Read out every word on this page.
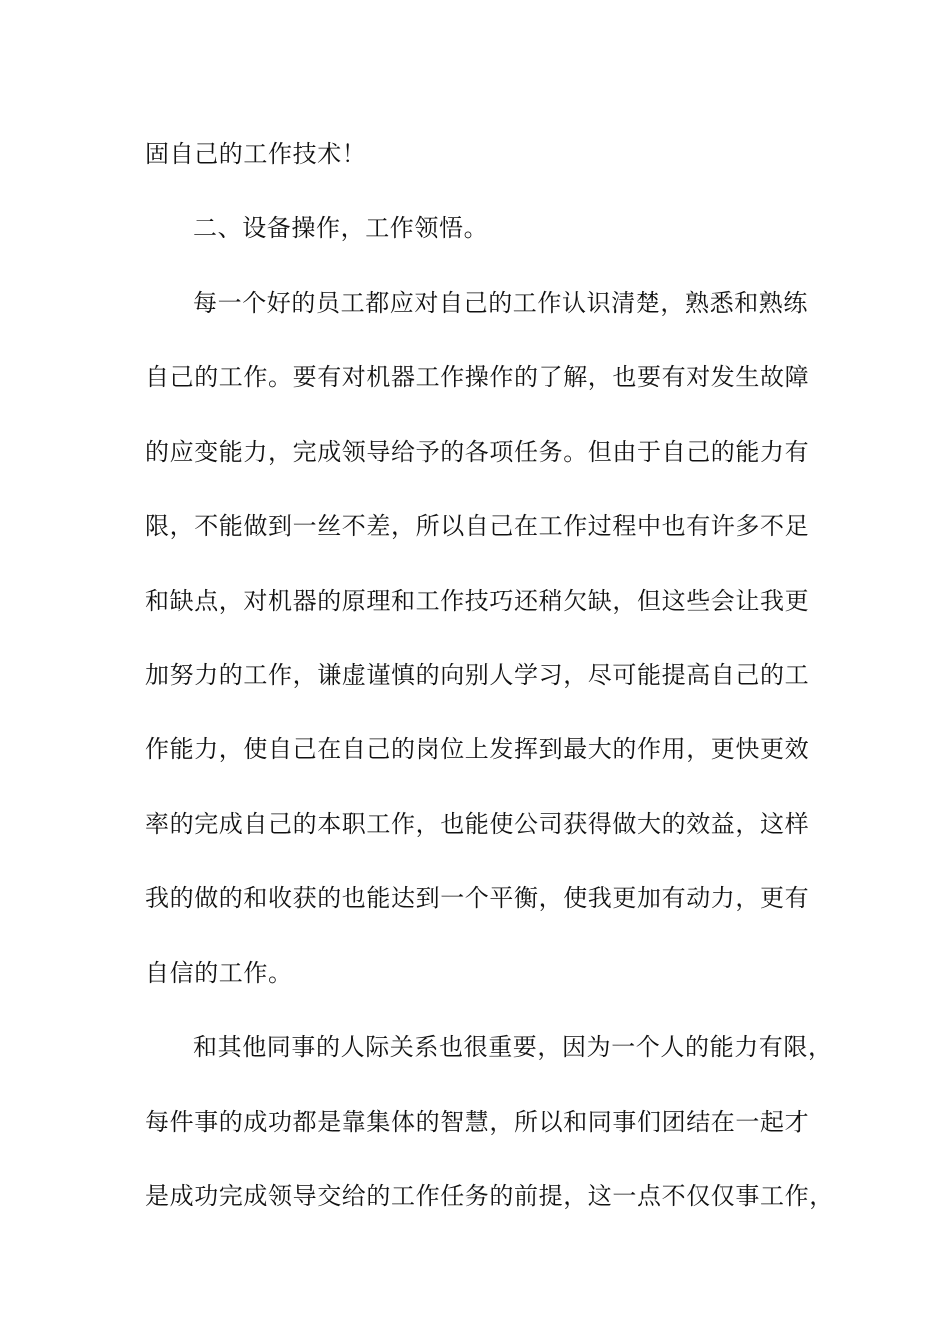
固自己的工作技术！

二、设备操作，工作领悟。

每一个好的员工都应对自己的工作认识清楚，熟悉和熟练

自己的工作。要有对机器工作操作的了解，也要有对发生故障

的应变能力，完成领导给予的各项任务。但由于自己的能力有

限，不能做到一丝不差，所以自己在工作过程中也有许多不足

和缺点，对机器的原理和工作技巧还稍欠缺，但这些会让我更

加努力的工作，谦虚谨慎的向别人学习，尽可能提高自己的工

作能力，使自己在自己的岗位上发挥到最大的作用，更快更效

率的完成自己的本职工作，也能使公司获得做大的效益，这样

我的做的和收获的也能达到一个平衡，使我更加有动力，更有

自信的工作。

和其他同事的人际关系也很重要，因为一个人的能力有限，

每件事的成功都是靠集体的智慧，所以和同事们团结在一起才

是成功完成领导交给的工作任务的前提，这一点不仅仅事工作，
